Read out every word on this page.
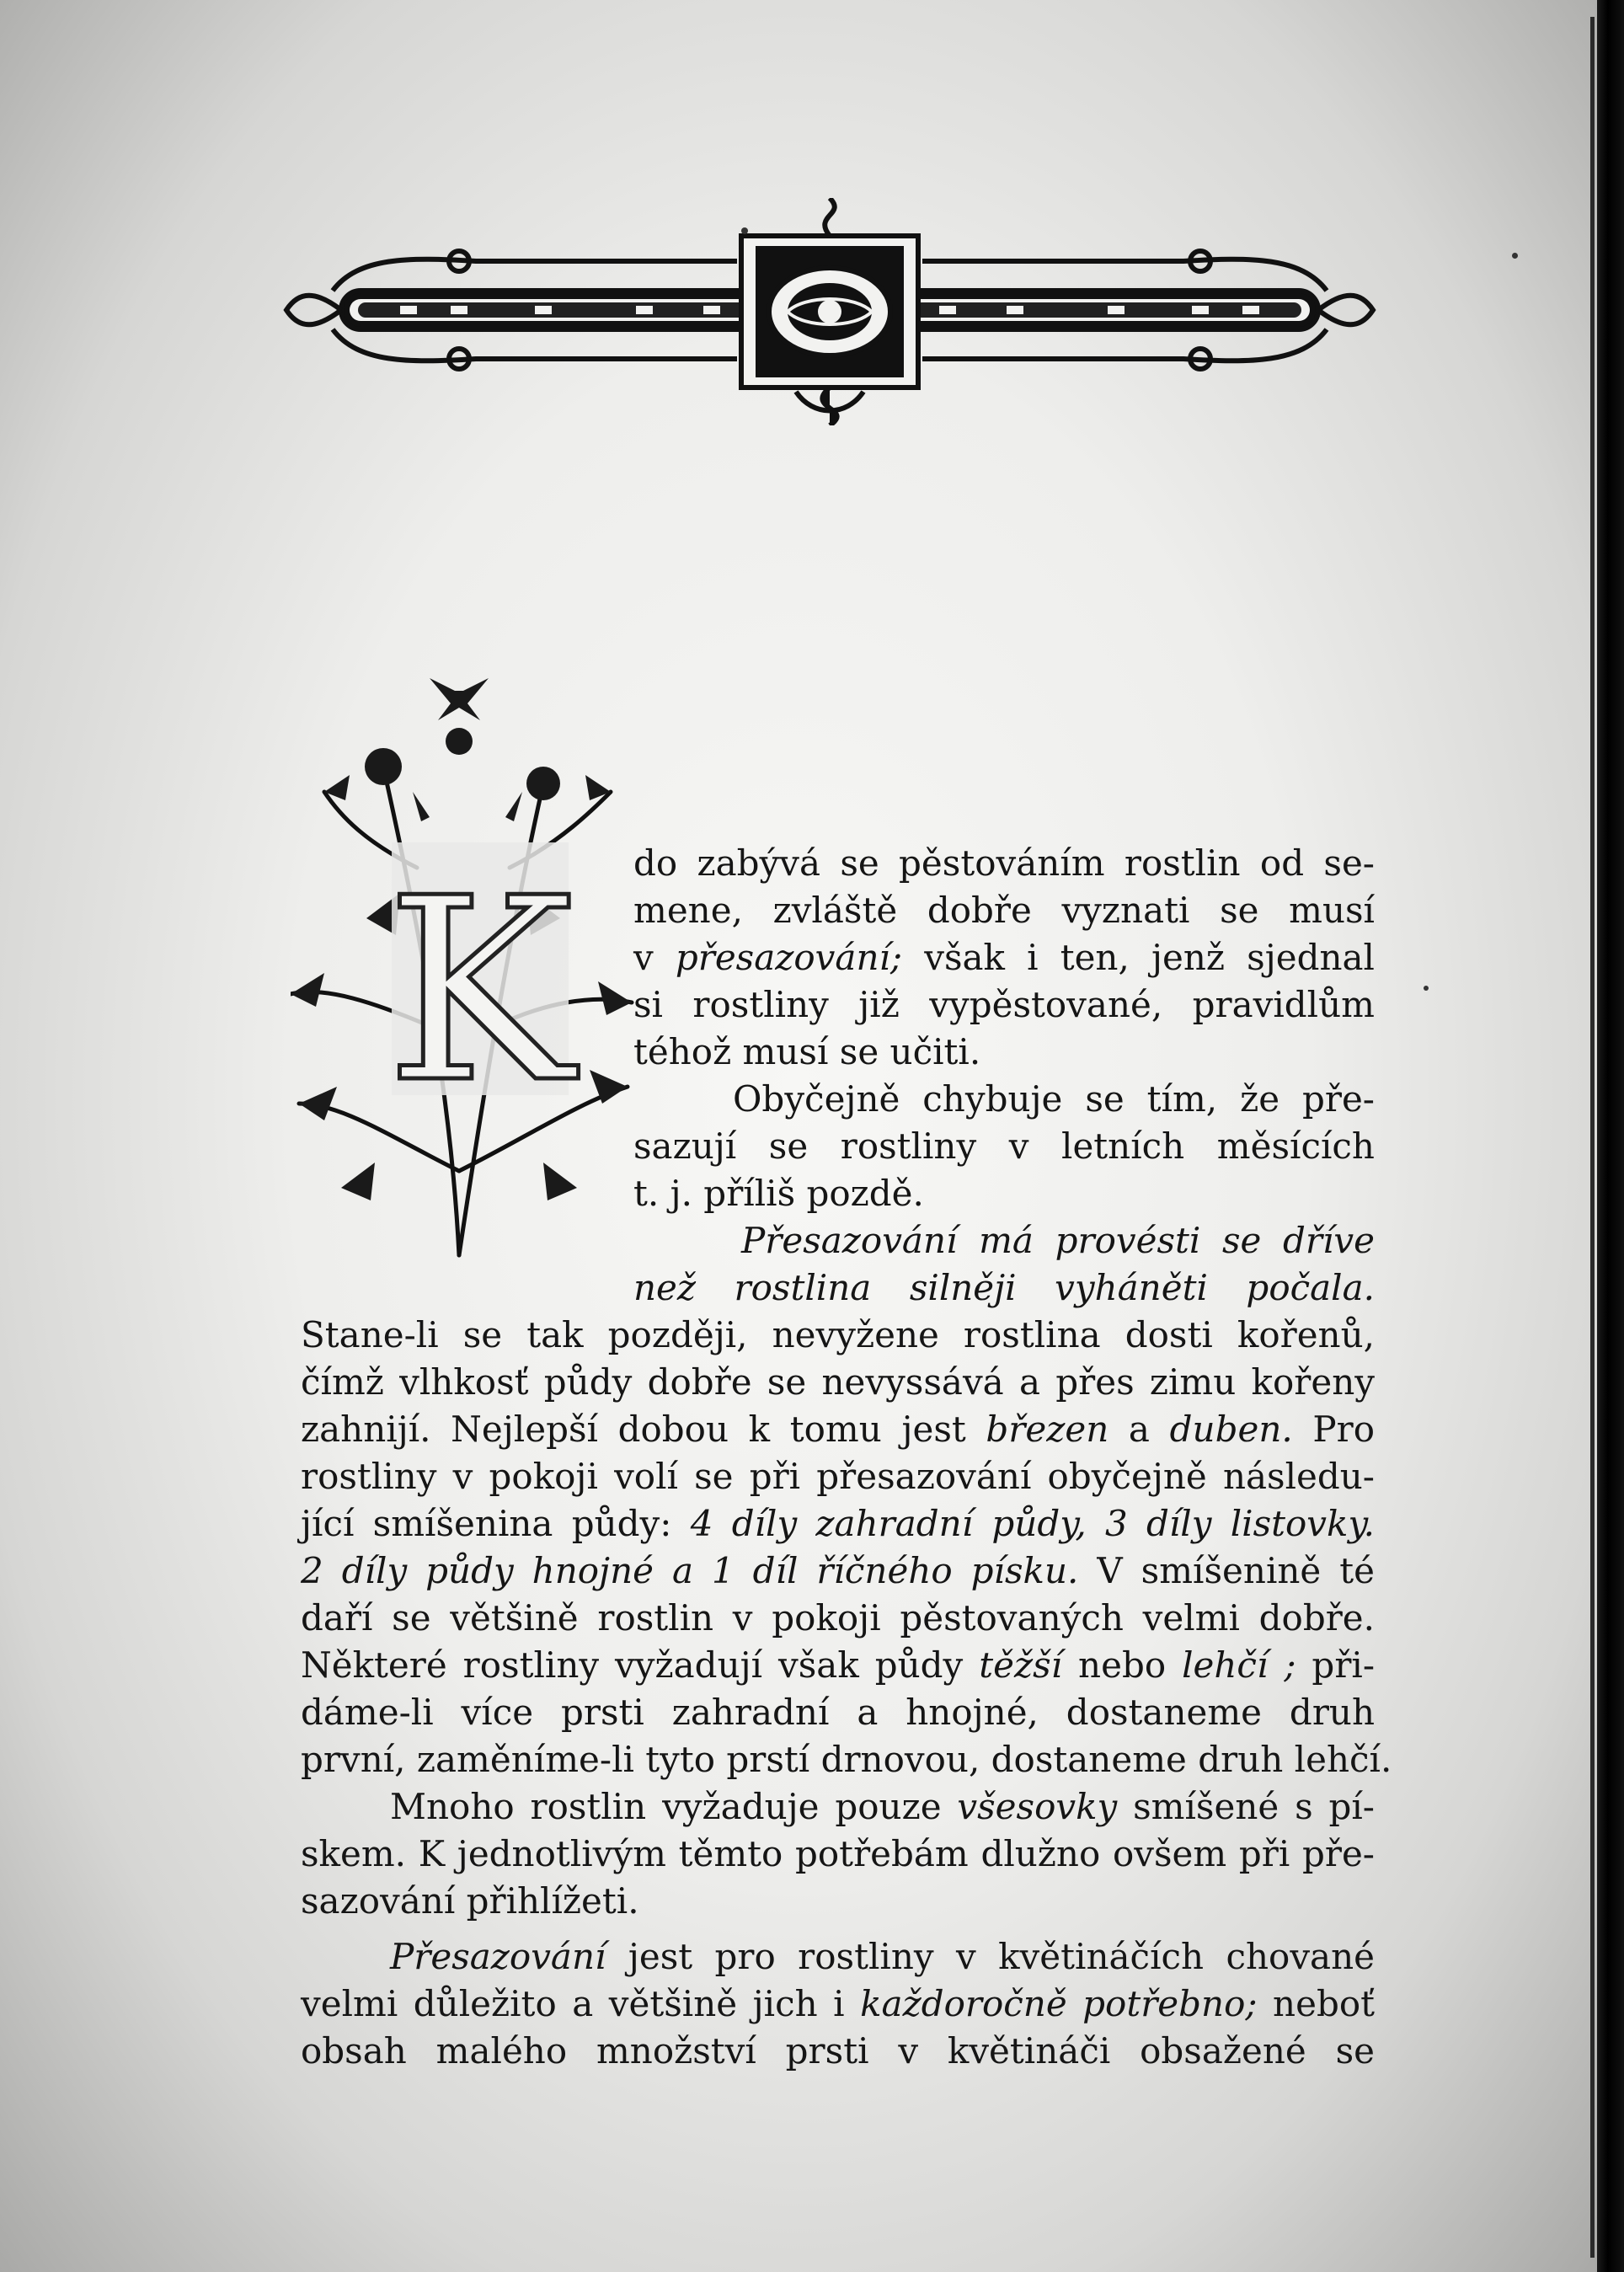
K do zabývá se pěstováním rostlin od se-
mene, zvláště dobře vyznati se musí
v přesazování; však i ten, jenž sjednal
si rostliny již vypěstované, pravidlům
téhož musí se učiti.
Obyčejně chybuje se tím, že pře-
sazují se rostliny v letních měsících
t. j. příliš pozdě.
Přesazování má provésti se dříve
než rostlina silněji vyháněti počala.
Stane-li se tak později, nevyžene rostlina dosti kořenů,
čímž vlhkosť půdy dobře se nevyssává a přes zimu kořeny
zahnijí. Nejlepší dobou k tomu jest březen a duben. Pro
rostliny v pokoji volí se při přesazování obyčejně následu-
jící smíšenina půdy: 4 díly zahradní půdy, 3 díly listovky.
2 díly půdy hnojné a 1 díl říčného písku. V smíšenině té
daří se většině rostlin v pokoji pěstovaných velmi dobře.
Některé rostliny vyžadují však půdy těžší nebo lehčí ; při-
dáme-li více prsti zahradní a hnojné, dostaneme druh
první, zaměníme-li tyto prstí drnovou, dostaneme druh lehčí.
Mnoho rostlin vyžaduje pouze všesovky smíšené s pí-
skem. K jednotlivým těmto potřebám dlužno ovšem při pře-
sazování přihlížeti.
Přesazování jest pro rostliny v květináčích chované
velmi důležito a většině jich i každoročně potřebno; neboť
obsah malého množství prsti v květináči obsažené se
